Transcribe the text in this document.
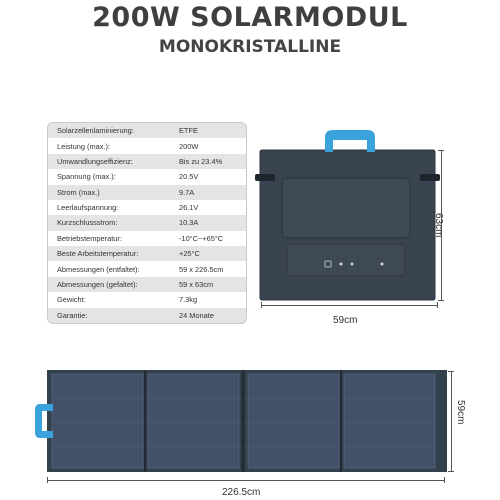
200W SOLARMODUL
MONOKRISTALLINE
Solarzellenlaminierung:	ETFE
Leistung (max.):	200W
Umwandlungseffizienz:	Bis zu 23.4%
Spannung (max.):	20.5V
Strom (max.)	9.7A
Leerlaufspannung:	26.1V
Kurzschlussstrom:	10.3A
Betriebstemperatur:	-10°C~+65°C
Beste Arbeitstemperatur:	+25°C
Abmessungen (entfaltet):	59 x 226.5cm
Abmessungen (gefaltet):	59 x 63cm
Gewicht:	7.3kg
Garantie:	24 Monate
63cm
59cm
59cm
226.5cm
